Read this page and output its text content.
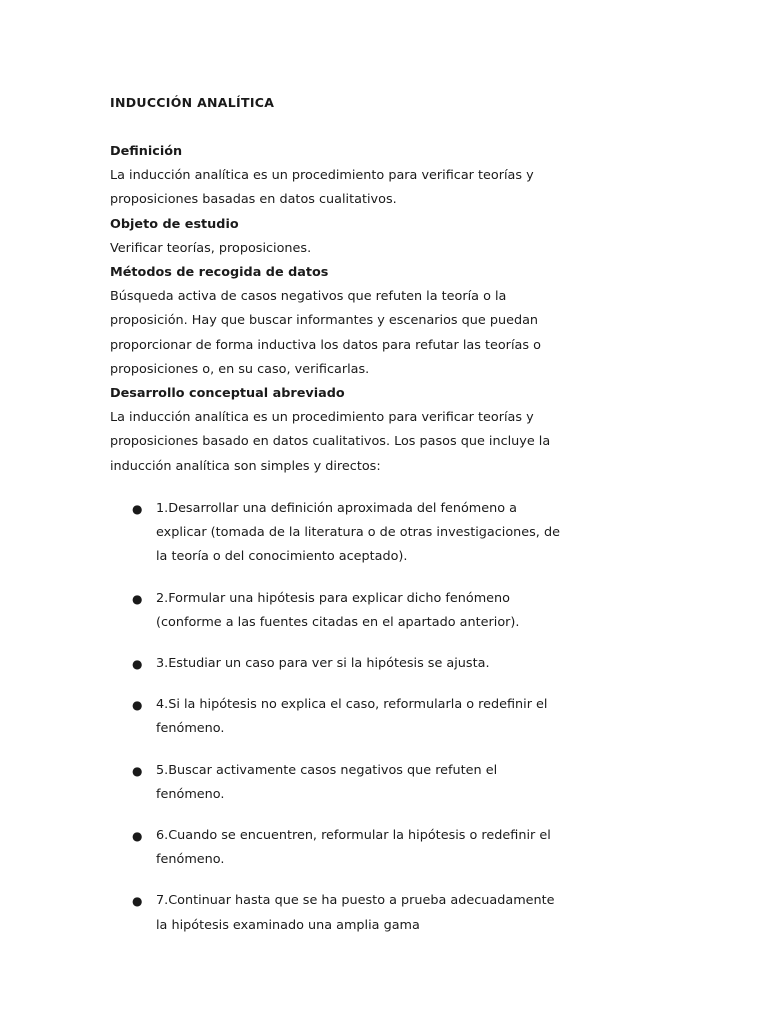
INDUCCIÓN ANALÍTICA
Definición
La inducción analítica es un procedimiento para verificar teorías y proposiciones basadas en datos cualitativos.
Objeto de estudio
Verificar teorías, proposiciones.
Métodos de recogida de datos
Búsqueda activa de casos negativos que refuten la teoría o la proposición. Hay que buscar informantes y escenarios que puedan proporcionar de forma inductiva los datos para refutar las teorías o proposiciones o, en su caso, verificarlas.
Desarrollo conceptual abreviado
La inducción analítica es un procedimiento para verificar teorías y proposiciones basado en datos cualitativos. Los pasos que incluye la inducción analítica son simples y directos:
● 1.Desarrollar una definición aproximada del fenómeno a explicar (tomada de la literatura o de otras investigaciones, de la teoría o del conocimiento aceptado).
● 2.Formular una hipótesis para explicar dicho fenómeno (conforme a las fuentes citadas en el apartado anterior).
● 3.Estudiar un caso para ver si la hipótesis se ajusta.
● 4.Si la hipótesis no explica el caso, reformularla o redefinir el fenómeno.
● 5.Buscar activamente casos negativos que refuten el fenómeno.
● 6.Cuando se encuentren, reformular la hipótesis o redefinir el fenómeno.
● 7.Continuar hasta que se ha puesto a prueba adecuadamente la hipótesis examinado una amplia gama
